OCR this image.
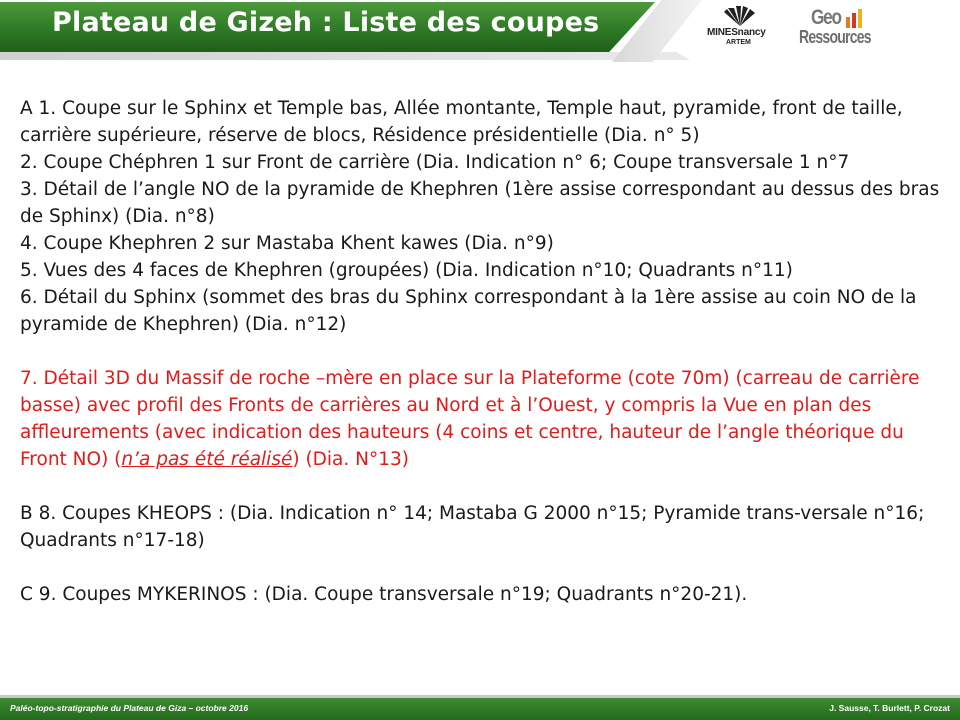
Plateau de Gizeh : Liste des coupes	MINESnancy
ARTEM
Geo
Ressources

A 1. Coupe sur le Sphinx et Temple bas, Allée montante, Temple haut, pyramide, front de taille, carrière supérieure, réserve de blocs, Résidence présidentielle (Dia. n° 5)

2. Coupe Chéphren 1 sur Front de carrière (Dia. Indication n° 6; Coupe transversale 1 n°7

3. Détail de l’angle NO de la pyramide de Khephren (1ère assise correspondant au dessus des bras de Sphinx) (Dia. n°8)

4. Coupe Khephren 2 sur Mastaba Khent kawes (Dia. n°9)

5. Vues des 4 faces de Khephren (groupées) (Dia. Indication n°10; Quadrants n°11)

6. Détail du Sphinx (sommet des bras du Sphinx correspondant à la 1ère assise au coin NO de la pyramide de Khephren) (Dia. n°12)

7. Détail 3D du Massif de roche –mère en place sur la Plateforme (cote 70m) (carreau de carrière basse) avec profil des Fronts de carrières au Nord et à l’Ouest, y compris la Vue en plan des affleurements (avec indication des hauteurs (4 coins et centre, hauteur de l’angle théorique du Front NO) (n’a pas été réalisé) (Dia. N°13)

B 8. Coupes KHEOPS : (Dia. Indication n° 14; Mastaba G 2000 n°15; Pyramide trans-versale n°16; Quadrants n°17-18)

C 9. Coupes MYKERINOS : (Dia. Coupe transversale n°19; Quadrants n°20-21).

Paléo-topo-stratigraphie du Plateau de Giza – octobre 2016	J. Sausse, T. Burlett, P. Crozat
